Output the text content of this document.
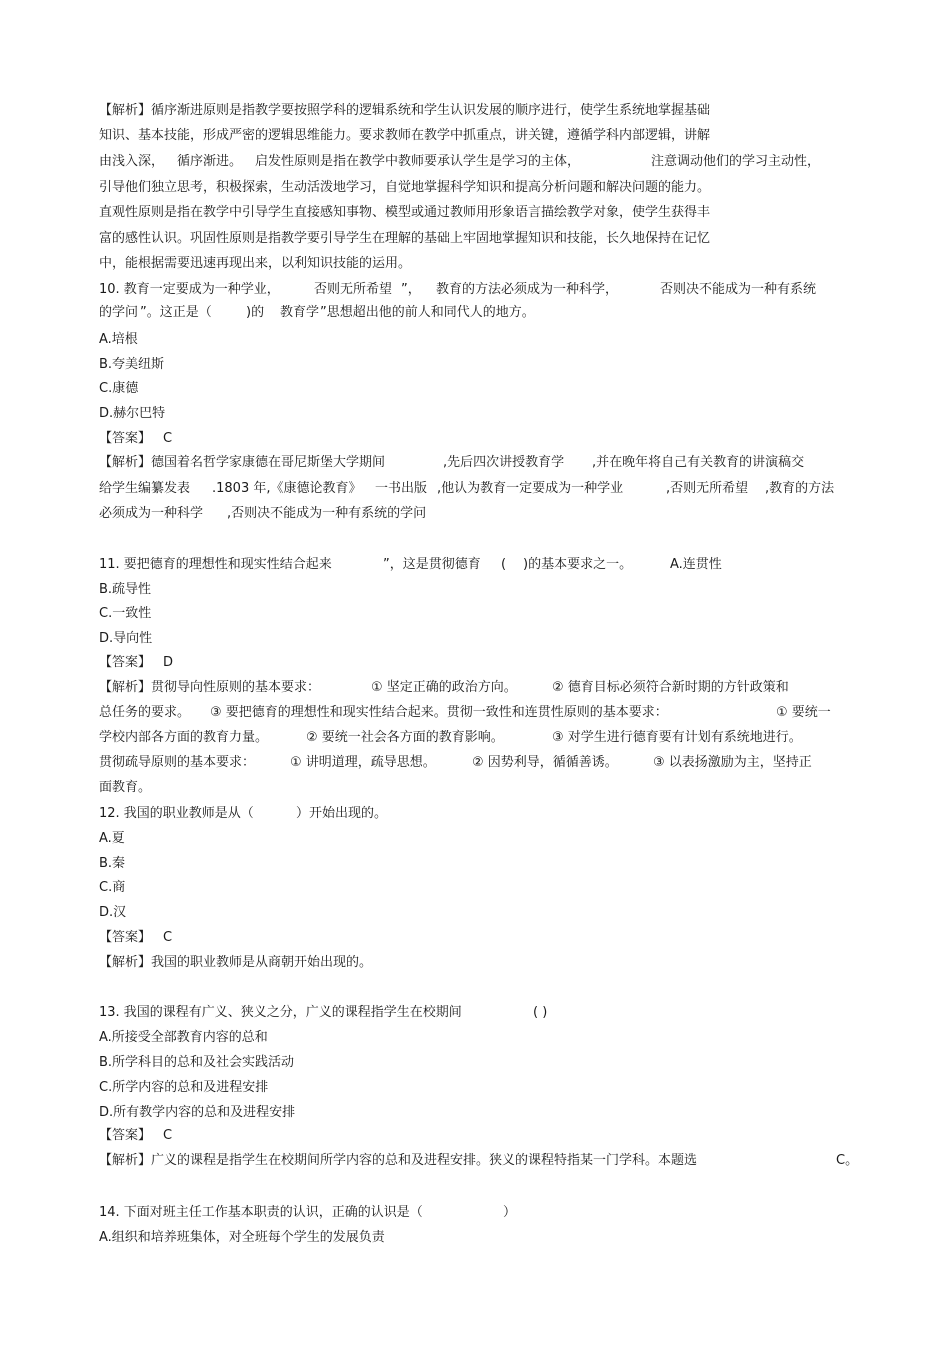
【解析】循序渐进原则是指教学要按照学科的逻辑系统和学生认识发展的顺序进行，使学生系统地掌握基础
知识、基本技能，形成严密的逻辑思维能力。要求教师在教学中抓重点，讲关键，遵循学科内部逻辑，讲解
由浅入深， 循序渐进。 启发性原则是指在教学中教师要承认学生是学习的主体，	注意调动他们的学习主动性，
引导他们独立思考，积极探索，生动活泼地学习，自觉地掌握科学知识和提高分析问题和解决问题的能力。
直观性原则是指在教学中引导学生直接感知事物、模型或通过教师用形象语言描绘教学对象，使学生获得丰
富的感性认识。巩固性原则是指教学要引导学生在理解的基础上牢固地掌握知识和技能，长久地保持在记忆
中，能根据需要迅速再现出来，以利知识技能的运用。
10. 教育一定要成为一种学业，	否则无所希望 ”， 教育的方法必须成为一种科学，	否则决不能成为一种有系统
的学问 ”。这正是（	)的 教育学 ”思想超出他的前人和同代人的地方。
A.培根
B.夸美纽斯
C.康德
D.赫尔巴特
【答案】 C
【解析】德国着名哲学家康德在哥尼斯堡大学期间	,先后四次讲授教育学 ,并在晚年将自己有关教育的讲演稿交
给学生编纂发表 .1803 年,《康德论教育》 一书出版 ,他认为教育一定要成为一种学业	,否则无所希望 ,教育的方法
必须成为一种科学 ,否则决不能成为一种有系统的学问
11. 要把德育的理想性和现实性结合起来	”，这是贯彻德育 ( )的基本要求之一。	A.连贯性
B.疏导性
C.一致性
D.导向性
【答案】 D
【解析】贯彻导向性原则的基本要求：	① 坚定正确的政治方向。	② 德育目标必须符合新时期的方针政策和
总任务的要求。 ③ 要把德育的理想性和现实性结合起来。贯彻一致性和连贯性原则的基本要求：	① 要统一
学校内部各方面的教育力量。	② 要统一社会各方面的教育影响。	③ 对学生进行德育要有计划有系统地进行。
贯彻疏导原则的基本要求：	① 讲明道理，疏导思想。	② 因势利导，循循善诱。	③ 以表扬激励为主，坚持正
面教育。
12. 我国的职业教师是从（	）开始出现的。
A.夏
B.秦
C.商
D.汉
【答案】 C
【解析】我国的职业教师是从商朝开始出现的。
13. 我国的课程有广义、狭义之分，广义的课程指学生在校期间	( )
A.所接受全部教育内容的总和
B.所学科目的总和及社会实践活动
C.所学内容的总和及进程安排
D.所有教学内容的总和及进程安排
【答案】 C
【解析】广义的课程是指学生在校期间所学内容的总和及进程安排。狭义的课程特指某一门学科。本题选	C。
14. 下面对班主任工作基本职责的认识，正确的认识是（	）
A.组织和培养班集体，对全班每个学生的发展负责
